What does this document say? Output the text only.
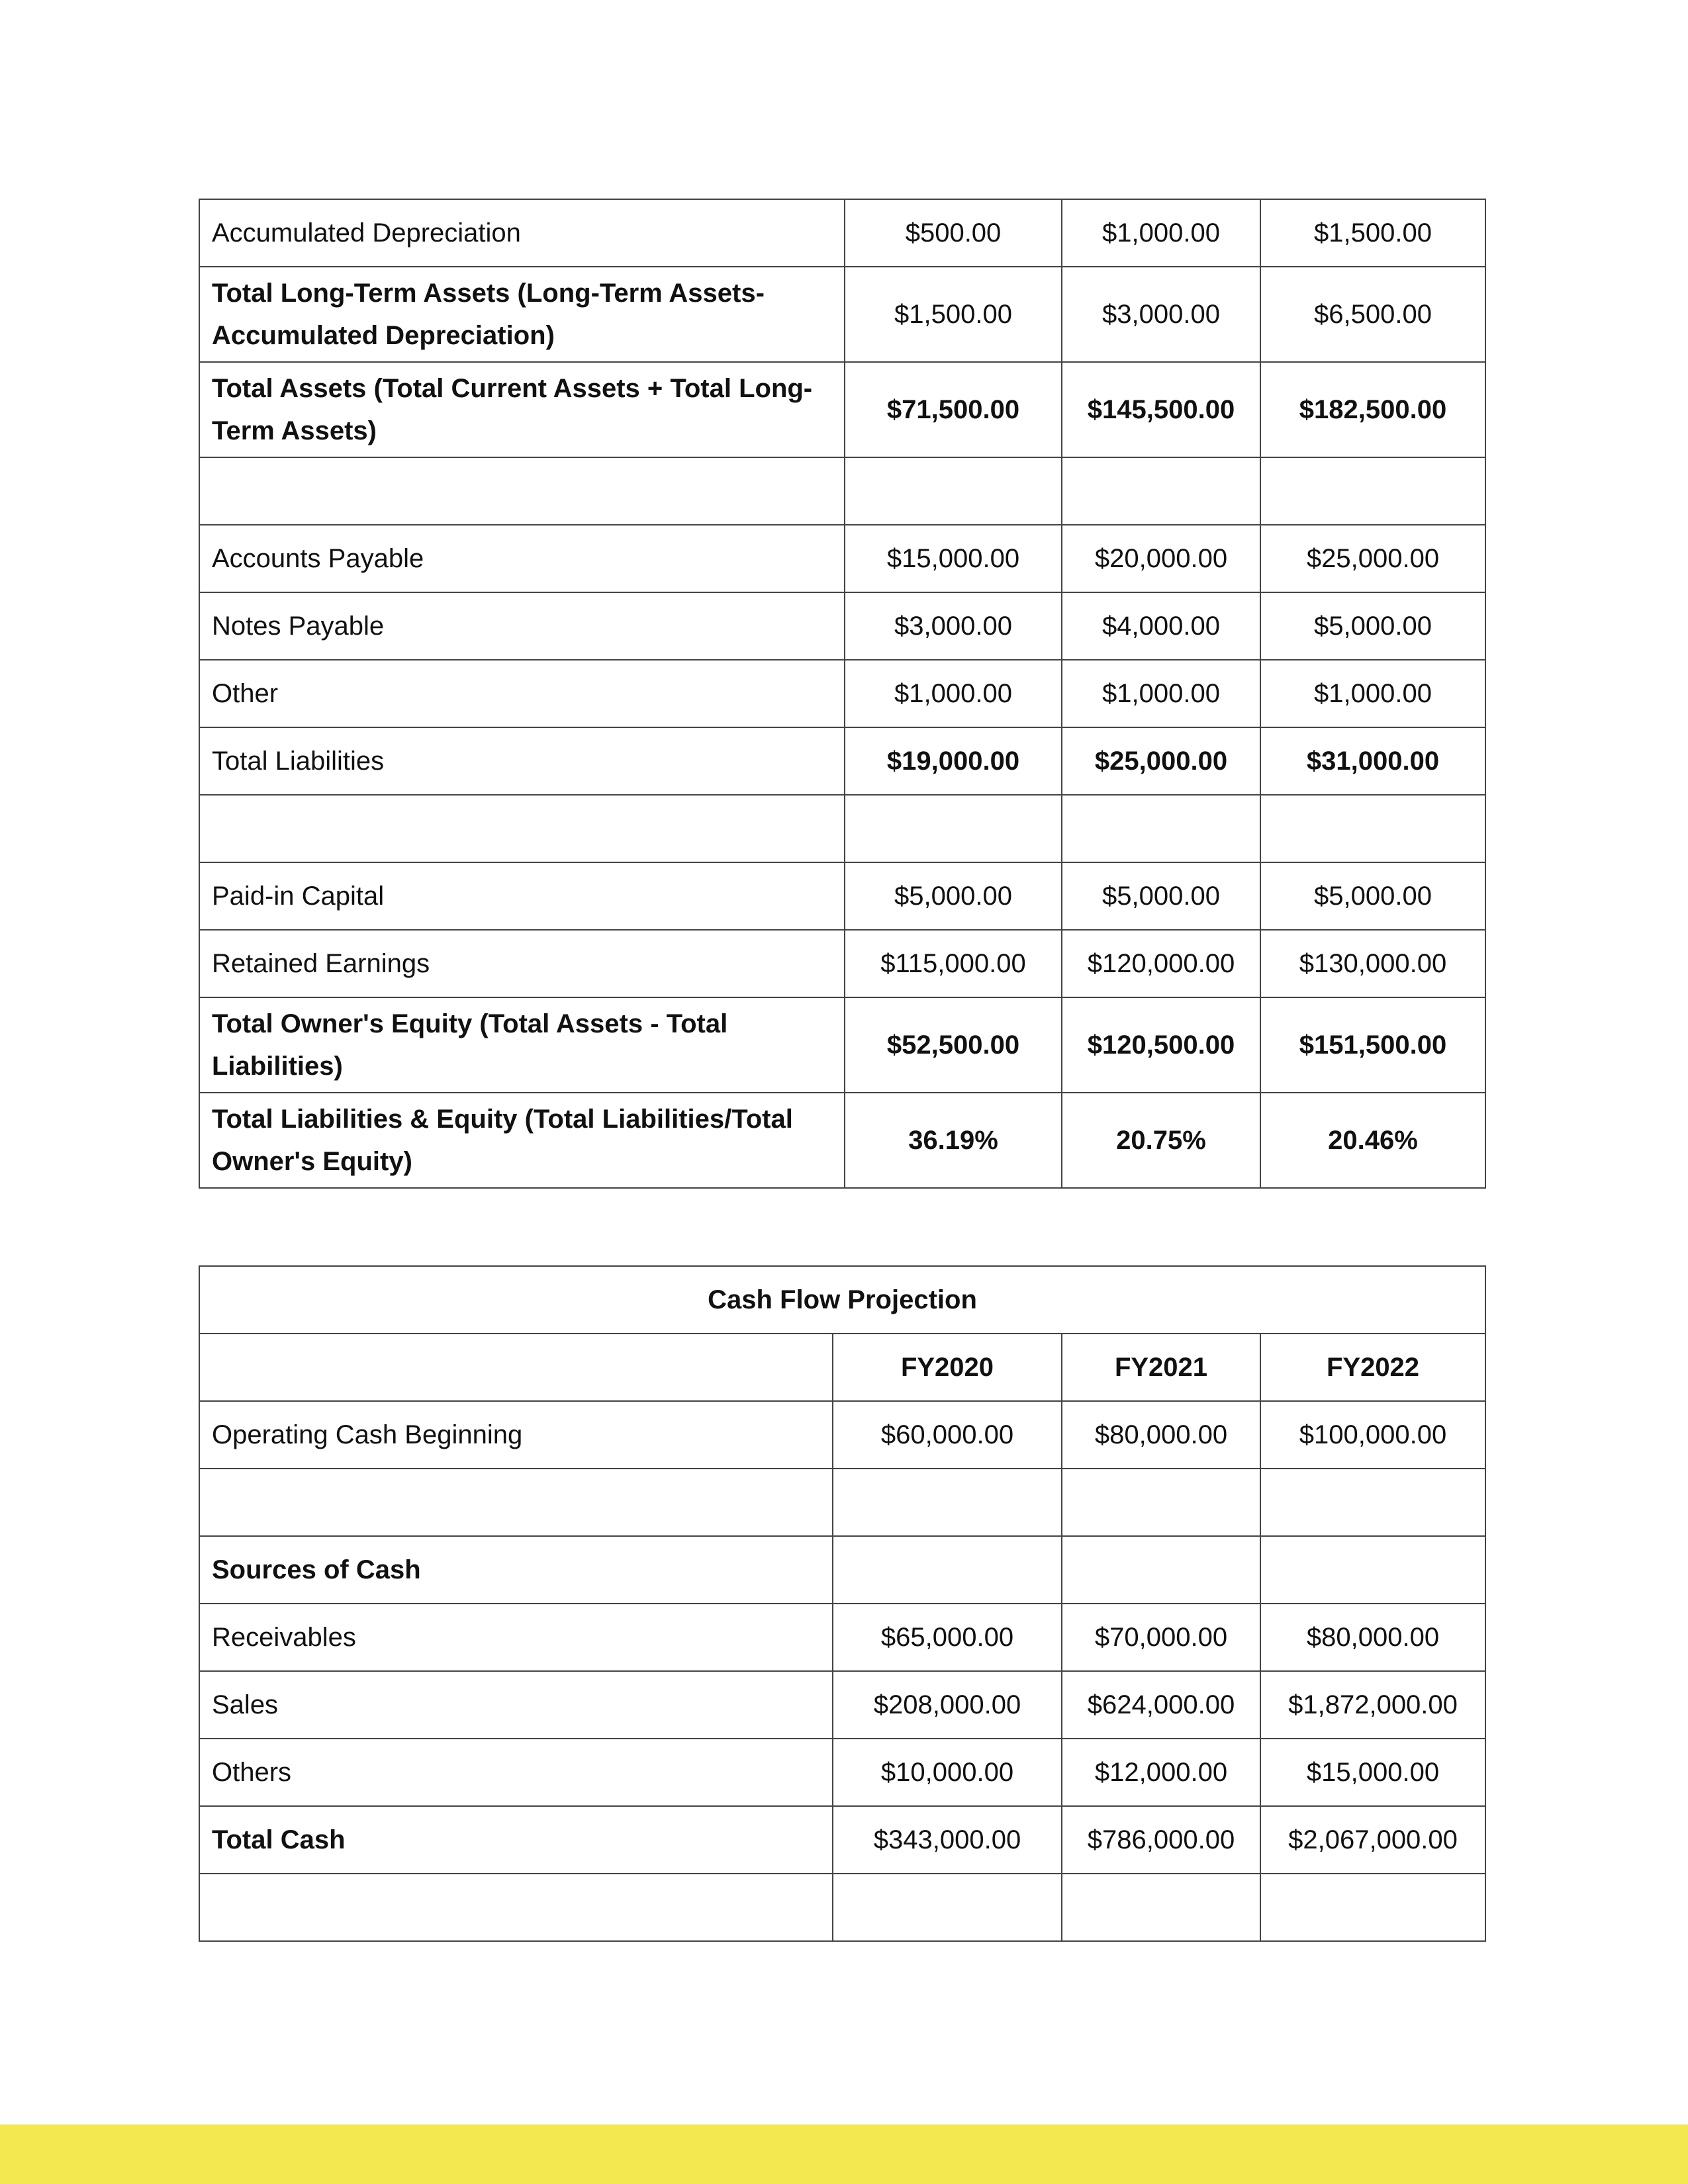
Accumulated Depreciation	$500.00	$1,000.00	$1,500.00
Total Long-Term Assets (Long-Term Assets-Accumulated Depreciation)	$1,500.00	$3,000.00	$6,500.00
Total Assets (Total Current Assets + Total Long-Term Assets)	$71,500.00	$145,500.00	$182,500.00

Accounts Payable	$15,000.00	$20,000.00	$25,000.00
Notes Payable	$3,000.00	$4,000.00	$5,000.00
Other	$1,000.00	$1,000.00	$1,000.00
Total Liabilities	$19,000.00	$25,000.00	$31,000.00

Paid-in Capital	$5,000.00	$5,000.00	$5,000.00
Retained Earnings	$115,000.00	$120,000.00	$130,000.00
Total Owner's Equity (Total Assets - Total Liabilities)	$52,500.00	$120,500.00	$151,500.00
Total Liabilities & Equity (Total Liabilities/Total Owner's Equity)	36.19%	20.75%	20.46%
Cash Flow Projection			
	FY2020	FY2021	FY2022
Operating Cash Beginning	$60,000.00	$80,000.00	$100,000.00

Sources of Cash			
Receivables	$65,000.00	$70,000.00	$80,000.00
Sales	$208,000.00	$624,000.00	$1,872,000.00
Others	$10,000.00	$12,000.00	$15,000.00
Total Cash	$343,000.00	$786,000.00	$2,067,000.00
